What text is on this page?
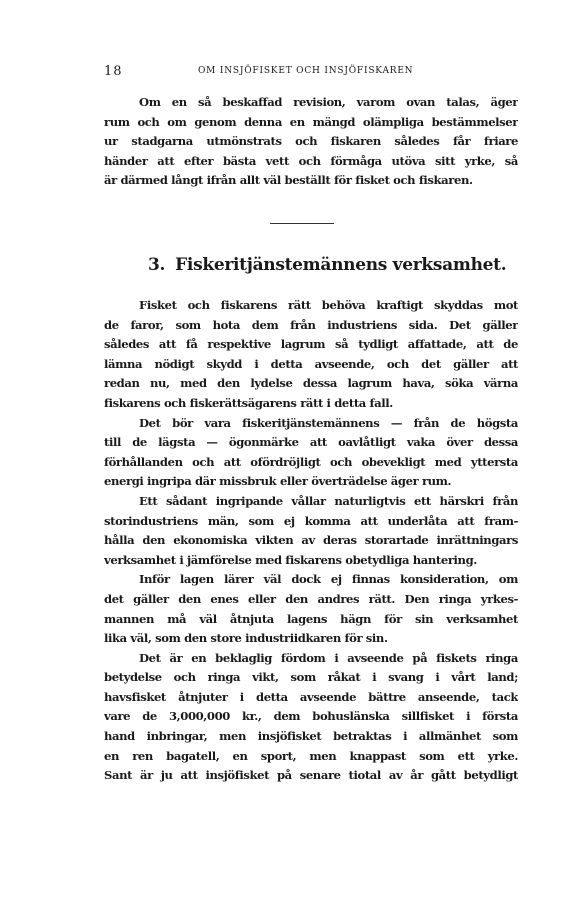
18	OM INSJÖFISKET OCH INSJÖFISKAREN
Om en så beskaffad revision, varom ovan talas, äger
rum och om genom denna en mängd olämpliga bestämmelser
ur stadgarna utmönstrats och fiskaren således får friare
händer att efter bästa vett och förmåga utöva sitt yrke, så
är därmed långt ifrån allt väl beställt för fisket och fiskaren.
3. Fiskeritjänstemännens verksamhet.
Fisket och fiskarens rätt behöva kraftigt skyddas mot
de faror, som hota dem från industriens sida. Det gäller
således att få respektive lagrum så tydligt affattade, att de
lämna nödigt skydd i detta avseende, och det gäller att
redan nu, med den lydelse dessa lagrum hava, söka värna
fiskarens och fiskerättsägarens rätt i detta fall.
Det bör vara fiskeritjänstemännens — från de högsta
till de lägsta — ögonmärke att oavlåtligt vaka över dessa
förhållanden och att ofördröjligt och obevekligt med yttersta
energi ingripa där missbruk eller överträdelse äger rum.
Ett sådant ingripande vållar naturligtvis ett härskri från
storindustriens män, som ej komma att underlåta att fram-
hålla den ekonomiska vikten av deras storartade inrättningars
verksamhet i jämförelse med fiskarens obetydliga hantering.
Inför lagen lärer väl dock ej finnas konsideration, om
det gäller den enes eller den andres rätt. Den ringa yrkes-
mannen må väl åtnjuta lagens hägn för sin verksamhet
lika väl, som den store industriidkaren för sin.
Det är en beklaglig fördom i avseende på fiskets ringa
betydelse och ringa vikt, som råkat i svang i vårt land;
havsfisket åtnjuter i detta avseende bättre anseende, tack
vare de 3,000,000 kr., dem bohuslänska sillfisket i första
hand inbringar, men insjöfisket betraktas i allmänhet som
en ren bagatell, en sport, men knappast som ett yrke.
Sant är ju att insjöfisket på senare tiotal av år gått betydligt
